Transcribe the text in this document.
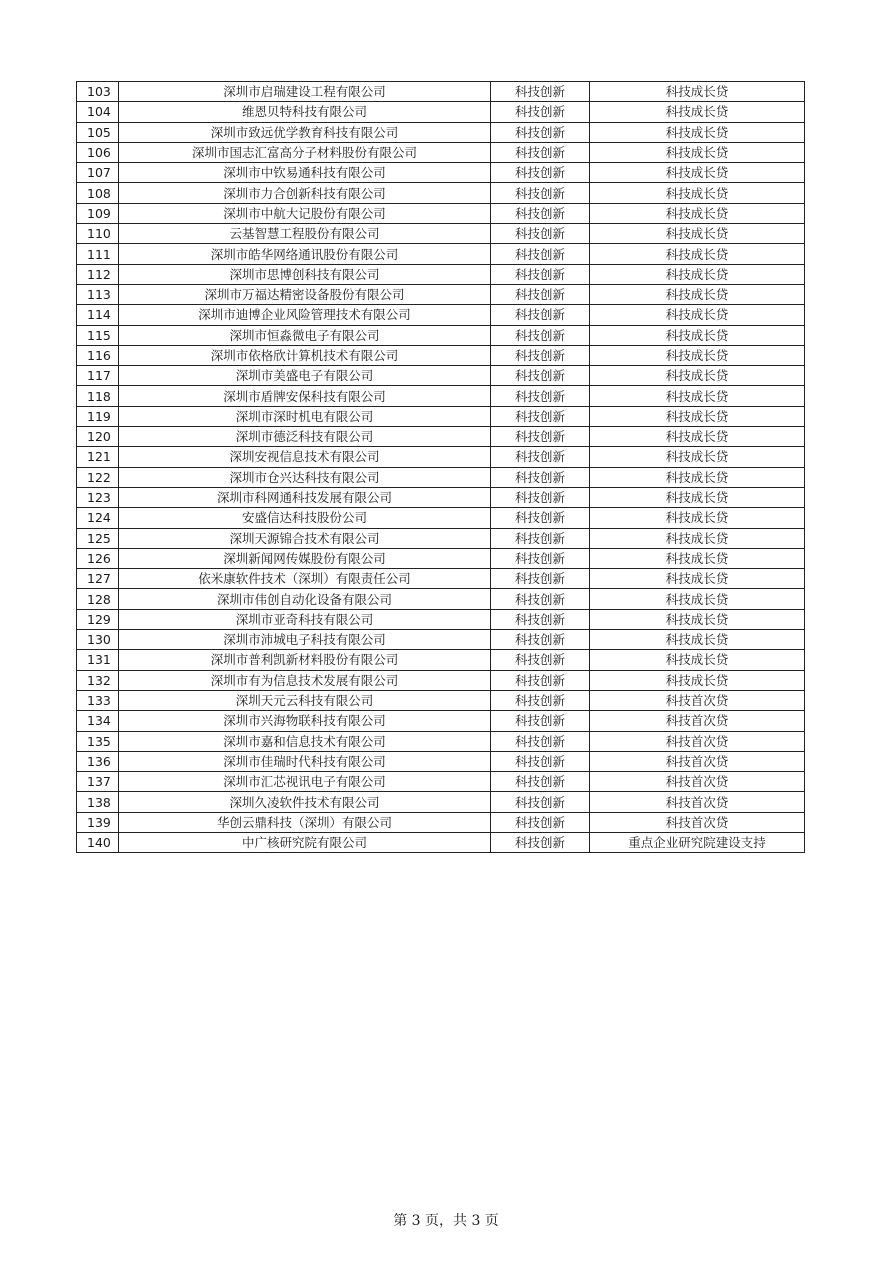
103	深圳市启瑞建设工程有限公司	科技创新	科技成长贷
104	维恩贝特科技有限公司	科技创新	科技成长贷
105	深圳市致远优学教育科技有限公司	科技创新	科技成长贷
106	深圳市国志汇富高分子材料股份有限公司	科技创新	科技成长贷
107	深圳市中钦易通科技有限公司	科技创新	科技成长贷
108	深圳市力合创新科技有限公司	科技创新	科技成长贷
109	深圳市中航大记股份有限公司	科技创新	科技成长贷
110	云基智慧工程股份有限公司	科技创新	科技成长贷
111	深圳市皓华网络通讯股份有限公司	科技创新	科技成长贷
112	深圳市思博创科技有限公司	科技创新	科技成长贷
113	深圳市万福达精密设备股份有限公司	科技创新	科技成长贷
114	深圳市迪博企业风险管理技术有限公司	科技创新	科技成长贷
115	深圳市恒淼微电子有限公司	科技创新	科技成长贷
116	深圳市依格欣计算机技术有限公司	科技创新	科技成长贷
117	深圳市美盛电子有限公司	科技创新	科技成长贷
118	深圳市盾牌安保科技有限公司	科技创新	科技成长贷
119	深圳市深时机电有限公司	科技创新	科技成长贷
120	深圳市德泛科技有限公司	科技创新	科技成长贷
121	深圳安视信息技术有限公司	科技创新	科技成长贷
122	深圳市仓兴达科技有限公司	科技创新	科技成长贷
123	深圳市科网通科技发展有限公司	科技创新	科技成长贷
124	安盛信达科技股份公司	科技创新	科技成长贷
125	深圳天源锦合技术有限公司	科技创新	科技成长贷
126	深圳新闻网传媒股份有限公司	科技创新	科技成长贷
127	依米康软件技术（深圳）有限责任公司	科技创新	科技成长贷
128	深圳市伟创自动化设备有限公司	科技创新	科技成长贷
129	深圳市亚奇科技有限公司	科技创新	科技成长贷
130	深圳市沛城电子科技有限公司	科技创新	科技成长贷
131	深圳市普利凯新材料股份有限公司	科技创新	科技成长贷
132	深圳市有为信息技术发展有限公司	科技创新	科技成长贷
133	深圳天元云科技有限公司	科技创新	科技首次贷
134	深圳市兴海物联科技有限公司	科技创新	科技首次贷
135	深圳市嘉和信息技术有限公司	科技创新	科技首次贷
136	深圳市佳瑞时代科技有限公司	科技创新	科技首次贷
137	深圳市汇芯视讯电子有限公司	科技创新	科技首次贷
138	深圳久凌软件技术有限公司	科技创新	科技首次贷
139	华创云鼎科技（深圳）有限公司	科技创新	科技首次贷
140	中广核研究院有限公司	科技创新	重点企业研究院建设支持
第 3 页，共 3 页
